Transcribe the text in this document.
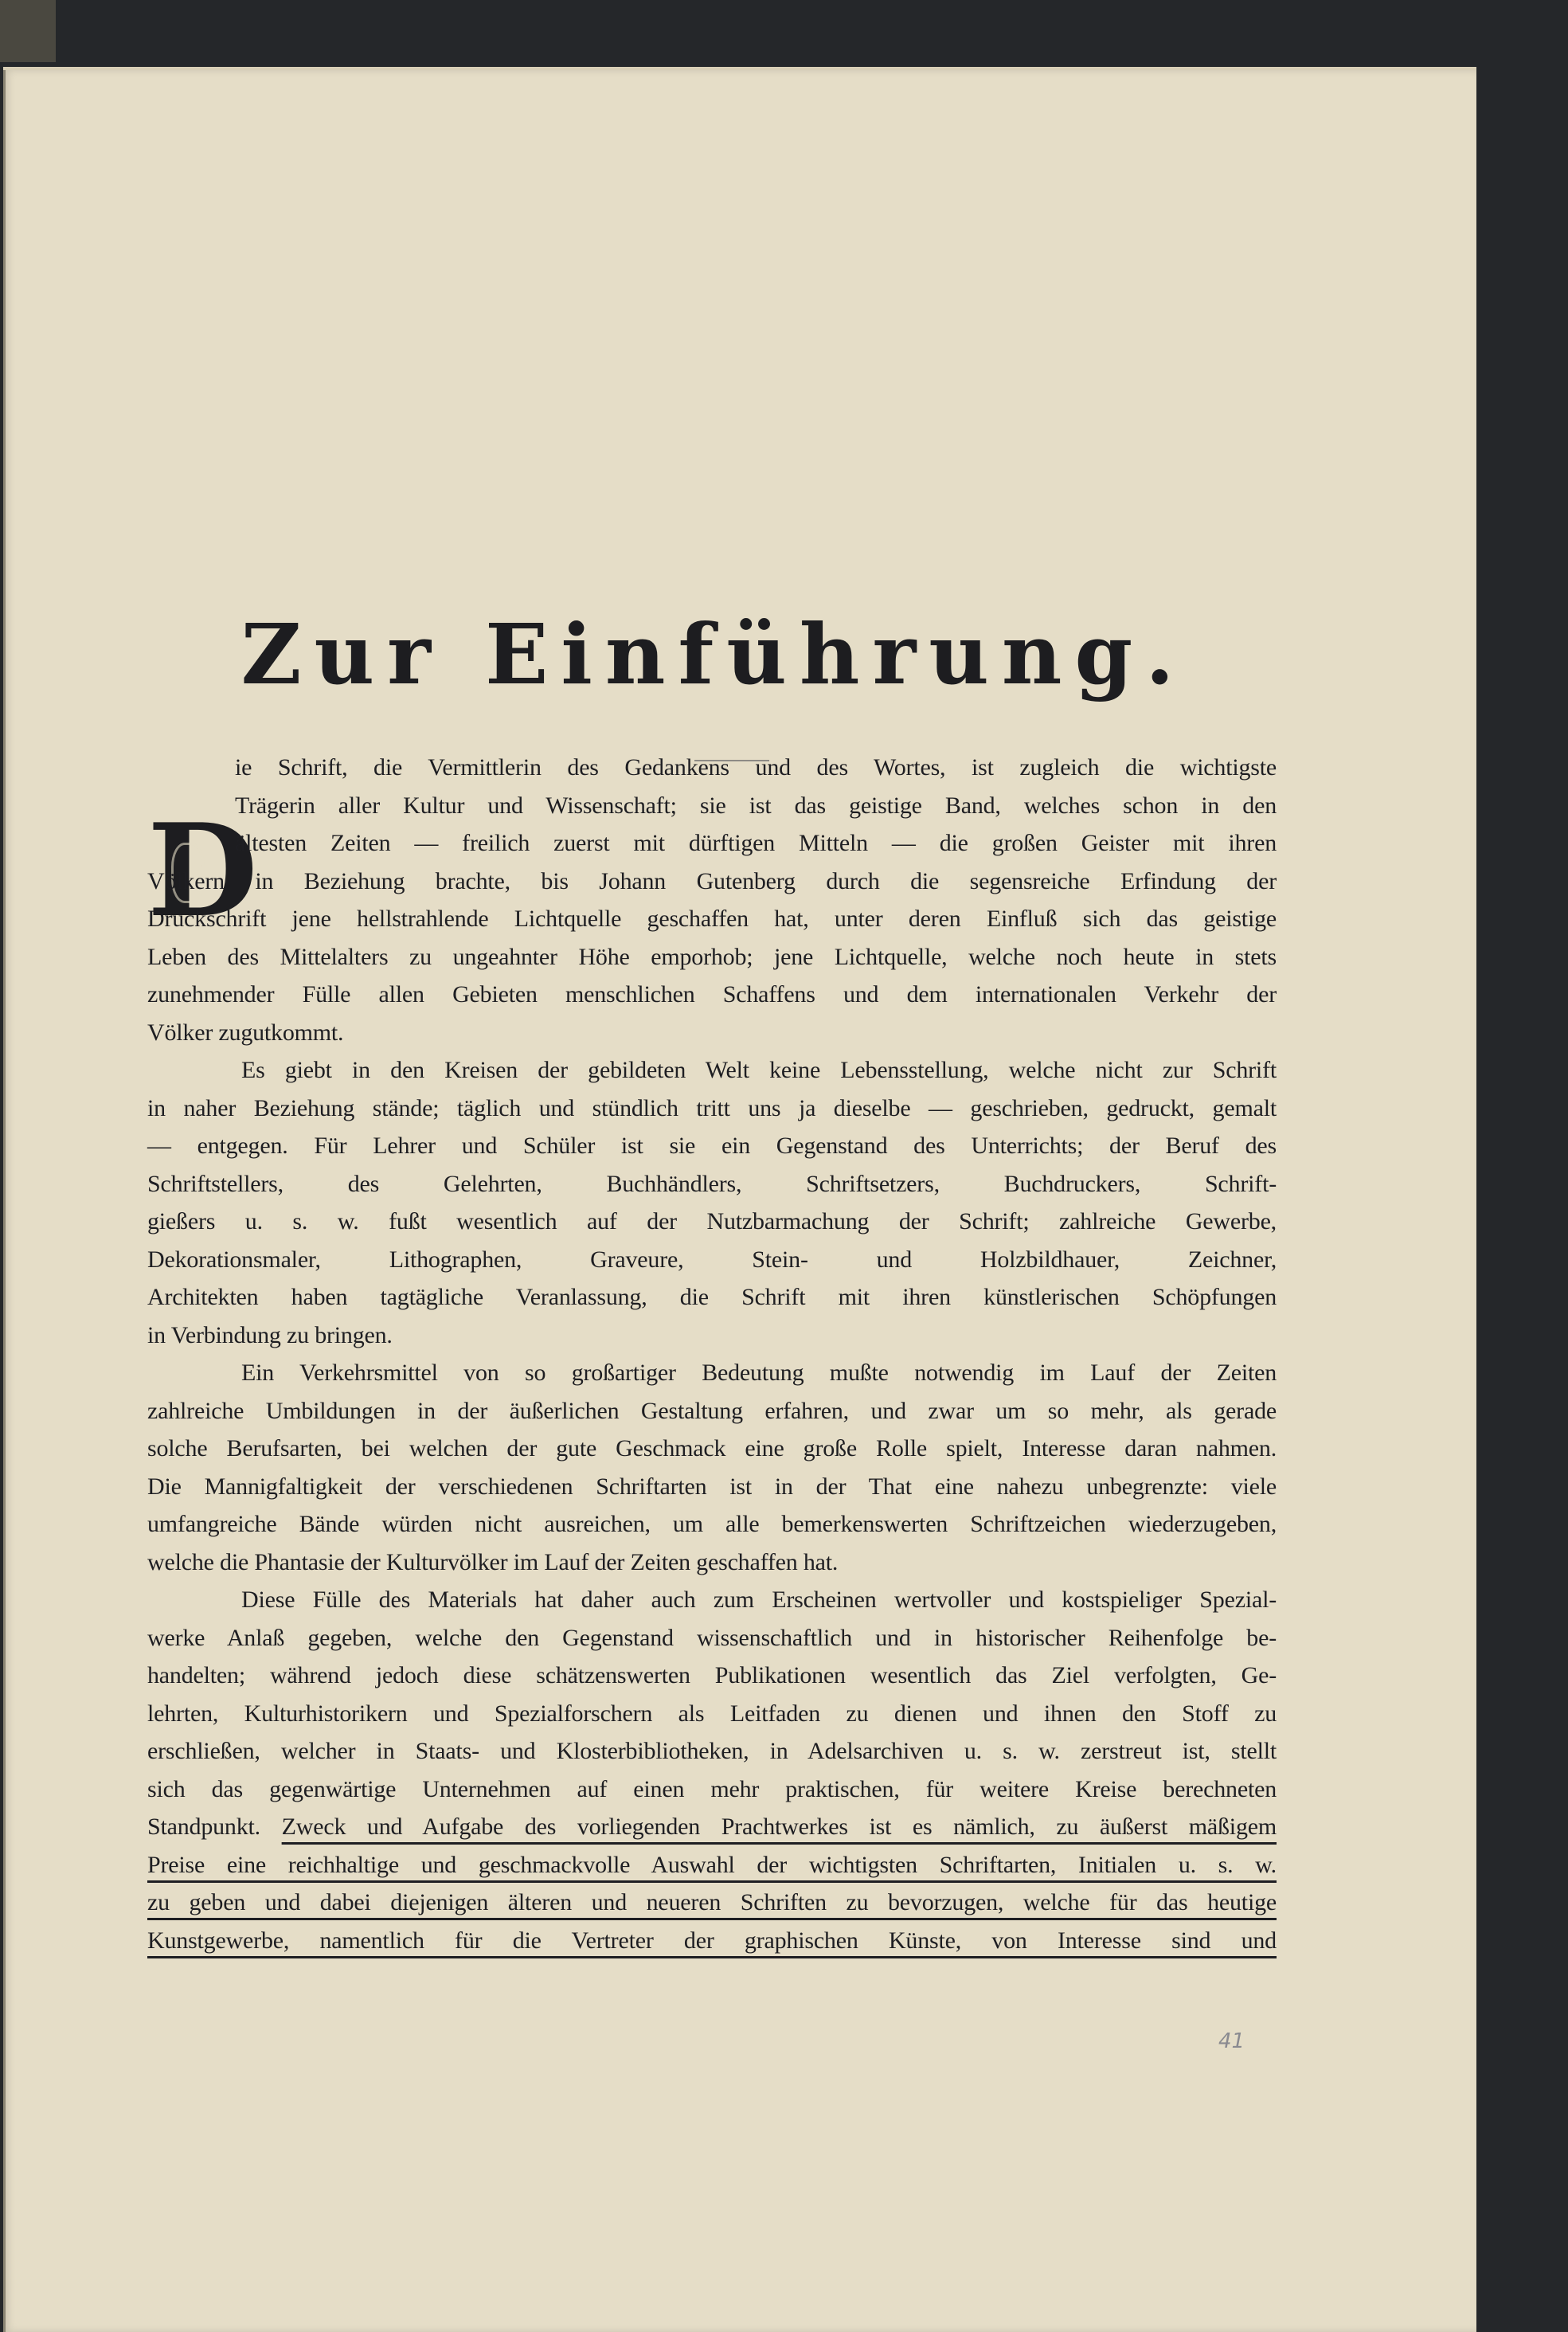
Zur Einführung.
D
ie Schrift, die Vermittlerin des Gedankens und des Wortes, ist zugleich die wichtigste
Trägerin aller Kultur und Wissenschaft; sie ist das geistige Band, welches schon in den
ältesten Zeiten — freilich zuerst mit dürftigen Mitteln — die großen Geister mit ihren
Völkern in Beziehung brachte, bis Johann Gutenberg durch die segensreiche Erfindung der
Druckschrift jene hellstrahlende Lichtquelle geschaffen hat, unter deren Einfluß sich das geistige
Leben des Mittelalters zu ungeahnter Höhe emporhob; jene Lichtquelle, welche noch heute in stets
zunehmender Fülle allen Gebieten menschlichen Schaffens und dem internationalen Verkehr der
Völker zugutkommt.
Es giebt in den Kreisen der gebildeten Welt keine Lebensstellung, welche nicht zur Schrift
in naher Beziehung stände; täglich und stündlich tritt uns ja dieselbe — geschrieben, gedruckt, gemalt
— entgegen. Für Lehrer und Schüler ist sie ein Gegenstand des Unterrichts; der Beruf des
Schriftstellers, des Gelehrten, Buchhändlers, Schriftsetzers, Buchdruckers, Schrift-
gießers u. s. w. fußt wesentlich auf der Nutzbarmachung der Schrift; zahlreiche Gewerbe,
Dekorationsmaler, Lithographen, Graveure, Stein- und Holzbildhauer, Zeichner,
Architekten haben tagtägliche Veranlassung, die Schrift mit ihren künstlerischen Schöpfungen
in Verbindung zu bringen.
Ein Verkehrsmittel von so großartiger Bedeutung mußte notwendig im Lauf der Zeiten
zahlreiche Umbildungen in der äußerlichen Gestaltung erfahren, und zwar um so mehr, als gerade
solche Berufsarten, bei welchen der gute Geschmack eine große Rolle spielt, Interesse daran nahmen.
Die Mannigfaltigkeit der verschiedenen Schriftarten ist in der That eine nahezu unbegrenzte: viele
umfangreiche Bände würden nicht ausreichen, um alle bemerkenswerten Schriftzeichen wiederzugeben,
welche die Phantasie der Kulturvölker im Lauf der Zeiten geschaffen hat.
Diese Fülle des Materials hat daher auch zum Erscheinen wertvoller und kostspieliger Spezial-
werke Anlaß gegeben, welche den Gegenstand wissenschaftlich und in historischer Reihenfolge be-
handelten; während jedoch diese schätzenswerten Publikationen wesentlich das Ziel verfolgten, Ge-
lehrten, Kulturhistorikern und Spezialforschern als Leitfaden zu dienen und ihnen den Stoff zu
erschließen, welcher in Staats- und Klosterbibliotheken, in Adelsarchiven u. s. w. zerstreut ist, stellt
sich das gegenwärtige Unternehmen auf einen mehr praktischen, für weitere Kreise berechneten
Standpunkt. Zweck und Aufgabe des vorliegenden Prachtwerkes ist es nämlich, zu äußerst mäßigem
Preise eine reichhaltige und geschmackvolle Auswahl der wichtigsten Schriftarten, Initialen u. s. w.
zu geben und dabei diejenigen älteren und neueren Schriften zu bevorzugen, welche für das heutige
Kunstgewerbe, namentlich für die Vertreter der graphischen Künste, von Interesse sind und
41
